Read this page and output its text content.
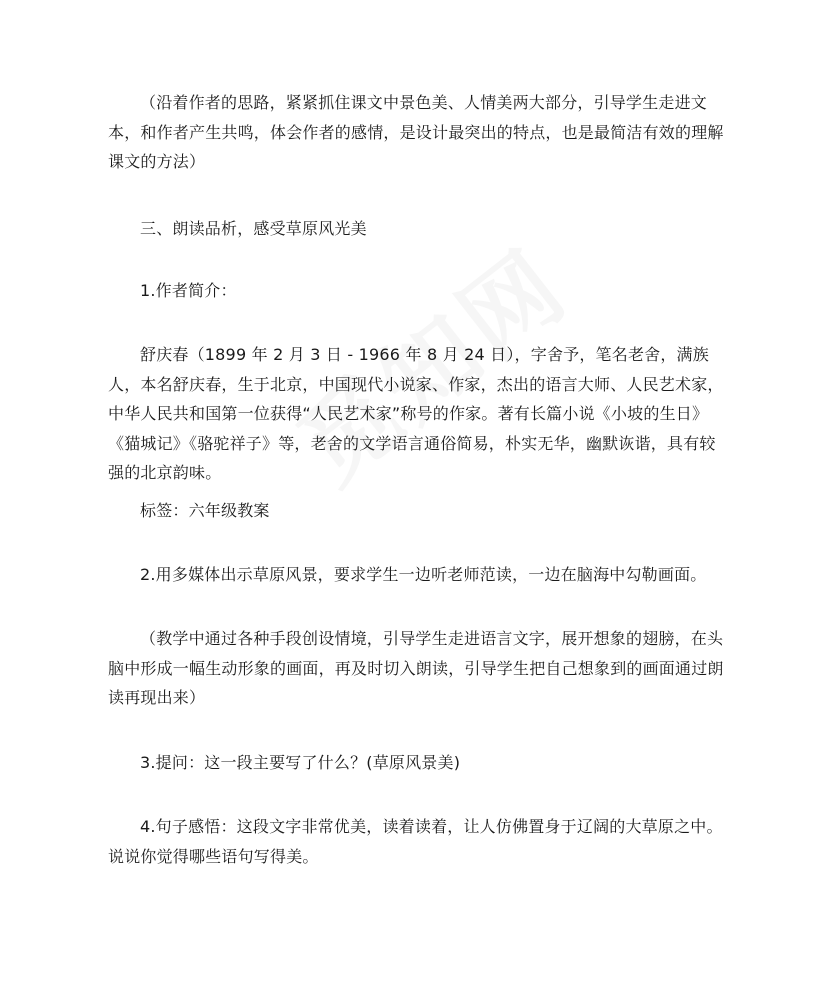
（沿着作者的思路，紧紧抓住课文中景色美、人情美两大部分，引导学生走进文本，和作者产生共鸣，体会作者的感情，是设计最突出的特点，也是最简洁有效的理解课文的方法）

三、朗读品析，感受草原风光美

1.作者简介：

舒庆春（1899 年 2 月 3 日 - 1966 年 8 月 24 日），字舍予，笔名老舍，满族人，本名舒庆春，生于北京，中国现代小说家、作家，杰出的语言大师、人民艺术家，中华人民共和国第一位获得“人民艺术家”称号的作家。著有长篇小说《小坡的生日》《猫城记》《骆驼祥子》等，老舍的文学语言通俗简易，朴实无华，幽默诙谐，具有较强的北京韵味。

标签：六年级教案

2.用多媒体出示草原风景，要求学生一边听老师范读，一边在脑海中勾勒画面。

（教学中通过各种手段创设情境，引导学生走进语言文字，展开想象的翅膀，在头脑中形成一幅生动形象的画面，再及时切入朗读，引导学生把自己想象到的画面通过朗读再现出来）

3.提问：这一段主要写了什么？(草原风景美)

4.句子感悟：这段文字非常优美，读着读着，让人仿佛置身于辽阔的大草原之中。说说你觉得哪些语句写得美。
